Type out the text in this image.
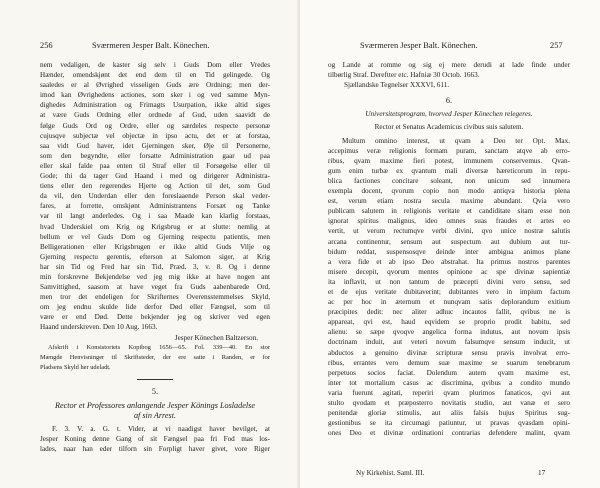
256	Sværmeren Jesper Balt. Könechen.
nem vedaligen, de kaster sig selv i Guds Dom eller Vredes
Hænder, omendskjønt det end dem til en Tid gelingede. Og
saaledes er al Øvrighed visseligen Guds ære Ordning; men der-
imod kan Øvrighedens actiones, som sker i og ved samme Myn-
dighedes Administration og Frimagts Usurpation, ikke altid siges
at være Guds Ordning eller ordnede af Gud, uden saavidt de
følge Guds Ord og Ordre, eller og særdeles respecte personæ
cujusqve subjectæ vel objectæ in ipso actu, det er at forstaa,
saa vidt Gud haver, idet Gjerningen sker, Øje til Personerne,
som den begyndte, eller forsatte Administration gaar ud paa
eller skal falde paa enten til Straf eller til Forsøgelse eller til
Gode; thi da tager Gud Haand i med og dirigerer Administra-
tiens eller den regerendes Hjerte og Action til det, som Gud
da vil, den Underdan eller den foreslaaende Person skal veder-
fares, at forrette, omskjønt Administrantens Forsæt og Tanke
var til langt anderledes. Og i saa Maade kan klarlig forstaas,
hvad Underskiel om Krig og Krigsbrug er at slutte: nemlig at
bellum er vel Guds Dom og Gjerning respectu patientis, men
Belligerationen eller Krigsbrugen er ikke altid Guds Vilje og
Gjerning respectu gerentis, efterson at Salomon siger, at Krig
har sin Tid og Fred har sin Tid, Præd. 3, v. 8. Og i denne
min forskrevne Bekjendelse ved jeg mig ikke at have nogen ant
Samvittighed, saasom at have veget fra Guds aabenbarede Ord,
men tror det endeligen for Skrifternes Overensstemmelses Skyld,
om jeg endnu skulde lide derfor Død eller Fængsel, som til
være er end Død. Dette bekjender jeg og skriver ved egen
Haand underskreven. Den 10 Aug. 1663.
Jesper Könechen Baltzerson.
Afskrift i Konsistoriets Kopibog 1656—65. Fol. 339—40. En stor
Mængde Henvisninger til Skriftsteder, der ere satte i Randen, er for
Pladsens Skyld her udeladt.
5.
Rector et Professores anlangende Jesper Könings Losladelse
af sin Arrest.
F. 3. V. a. G. t. Vider, at vi naadigst haver bevilget, at
Jesper Koning denne Gang of sit Fængsel paa fri Fod mas los-
lades, naar han eder tilforn sin Forpligt haver givet, vore Riger
Sværmeren Jesper Balt. Könechen.	257
og Lande at romme og sig ej mere derudi at lade finde under
tilbørlig Straf. Dereftter etc. Hafniæ 30 Octob. 1663.
Sjællandske Tegnelser XXXVI, 611.
6.
Universitetsprogram, hvorved Jesper Könechen relegeres.
Rector et Senatus Academicus civibus suis salutem.
Multum omnino interest, ut qvam a Deo ter Opt. Max.
accepimus veræ religionis formam puram, sanctam atqve ab erro-
ribus, qvam maxime fieri potest, immunem conservemus. Qvan-
gum enim turbæ ex qvantum mali diversæ hæreticorum in repu-
blica factiones concitare soleant, non unicum sed innumera
exempla docent, qvorum copio non modo antiqva historia plena
est, verum etiam nostra secula maxime abundant. Qvia vero
publicam salutem in religionis veritate et candiditate sitam esse non
ignorat spiritus malignus, ideo omnes suas fraudes et artes eo
vertit, ut verum rectumqve verbi divini, qvo unice nostræ salutis
arcana continentur, sensum aut suspectum aut dubium aut tur-
bidum reddat, suspensosqve deinde inter ambigua animos plane
a vera fide et ab ipso Deo abstrahat. Ita primus nostros parentes
misere decepit, qvorum mentes opinione ac spe divinæ sapientiæ
ita inflavit, ut non tantum de præcepti divini vero sensu, sed
et de ejus veritate dubitaverint; dubitantes vero in impium factum
ac per hoc in æternum et nunqvam satis deplorandum exitium
præcipites dedit: nec aliter adhuc incautos fallit, qvibus ne is
appareat, qvi est, haud eqvidem se proprio prodit habitu, sed
alienu: se sæpe qvoqve angelica forma indutus, aut novum ipsis
doctrinam induit, aut veteri novum falsumqve sensum inducit, ut
abductos a genuino divinæ scripturæ sensu pravis involvat erro-
ribus, errantes vero demum suæ maxime se suarum tenebrarum
perpetuos socios faciat. Dolendum autem qvam maxime est,
inter tot mortalium casus ac discrimina, qvibus a condito mundo
varia fuerunt agitati, reperiri qvam plurimos fanaticos, qvi aut
stulto qvodam et præposterro novitatis studio, aut vanæ et sero
penitendæ gloriæ stimulis, aut aliis falsis hujus Spiritus sug-
gestionibus se ita circumagi patiuntur, ut pravas qvasdam opini-
ones Deo et divinæ ordinationi contrarias defendere malint, qvam
Ny Kirkehist. Saml. III.	17
